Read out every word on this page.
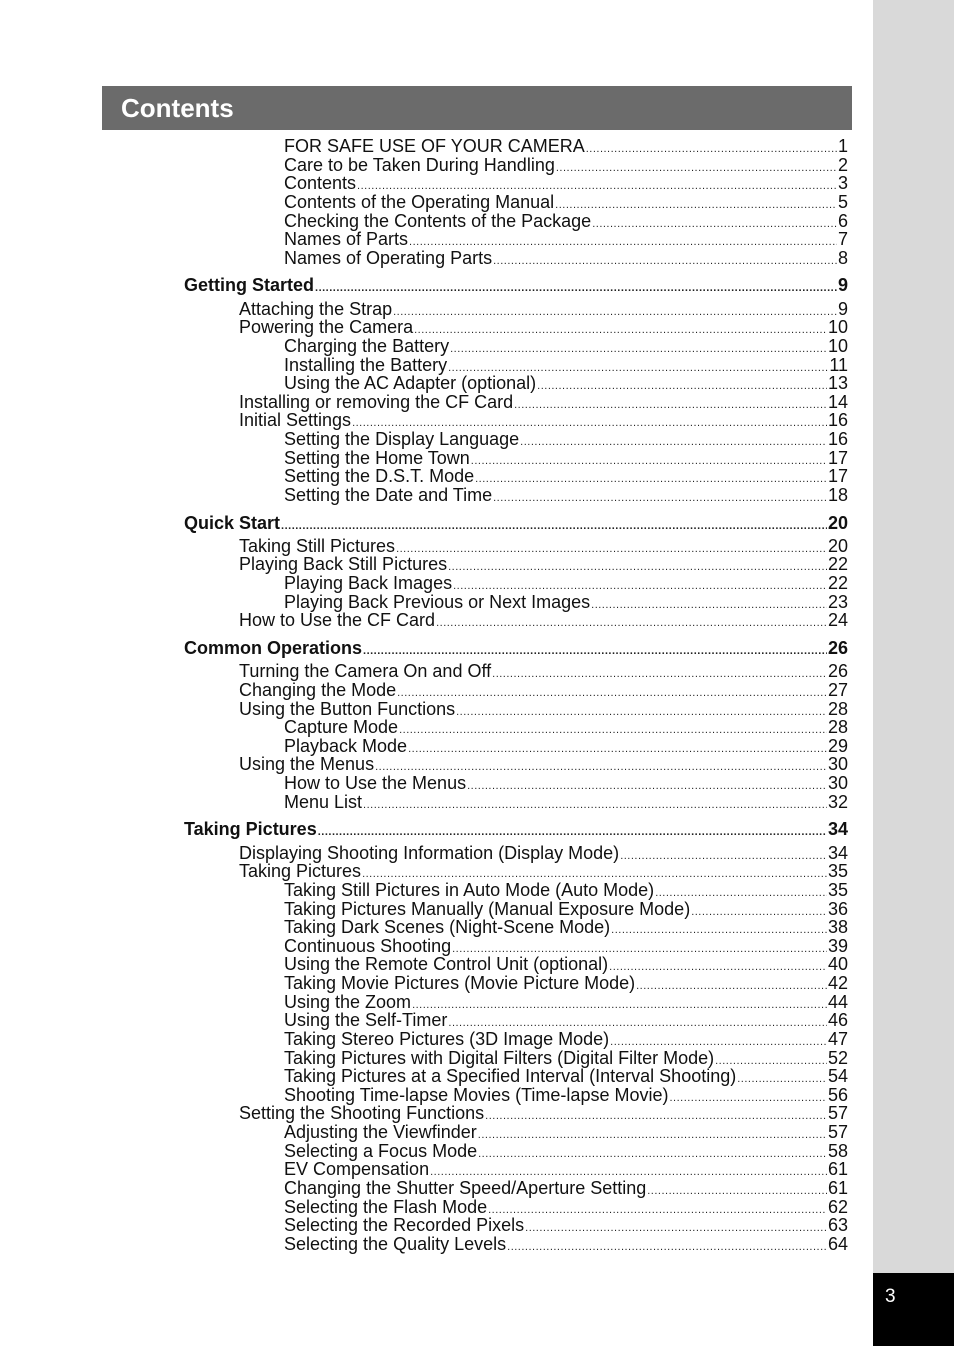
3
Contents
FOR SAFE USE OF YOUR CAMERA .....	1
Care to be Taken During Handling .....	2
Contents .....	3
Contents of the Operating Manual .....	5
Checking the Contents of the Package .....	6
Names of Parts .....	7
Names of Operating Parts .....	8
Getting Started .....	9
Attaching the Strap .....	9
Powering the Camera .....	10
Charging the Battery .....	10
Installing the Battery .....	11
Using the AC Adapter (optional) .....	13
Installing or removing the CF Card .....	14
Initial Settings .....	16
Setting the Display Language .....	16
Setting the Home Town .....	17
Setting the D.S.T. Mode .....	17
Setting the Date and Time .....	18
Quick Start .....	20
Taking Still Pictures .....	20
Playing Back Still Pictures .....	22
Playing Back Images .....	22
Playing Back Previous or Next Images .....	23
How to Use the CF Card .....	24
Common Operations .....	26
Turning the Camera On and Off .....	26
Changing the Mode .....	27
Using the Button Functions .....	28
Capture Mode .....	28
Playback Mode .....	29
Using the Menus .....	30
How to Use the Menus .....	30
Menu List .....	32
Taking Pictures .....	34
Displaying Shooting Information (Display Mode) .....	34
Taking Pictures .....	35
Taking Still Pictures in Auto Mode (Auto Mode) .....	35
Taking Pictures Manually (Manual Exposure Mode) .....	36
Taking Dark Scenes (Night-Scene Mode) .....	38
Continuous Shooting .....	39
Using the Remote Control Unit (optional) .....	40
Taking Movie Pictures (Movie Picture Mode) .....	42
Using the Zoom .....	44
Using the Self-Timer .....	46
Taking Stereo Pictures (3D Image Mode) .....	47
Taking Pictures with Digital Filters (Digital Filter Mode) .....	52
Taking Pictures at a Specified Interval (Interval Shooting) .....	54
Shooting Time-lapse Movies (Time-lapse Movie) .....	56
Setting the Shooting Functions .....	57
Adjusting the Viewfinder .....	57
Selecting a Focus Mode .....	58
EV Compensation .....	61
Changing the Shutter Speed/Aperture Setting .....	61
Selecting the Flash Mode .....	62
Selecting the Recorded Pixels .....	63
Selecting the Quality Levels .....	64
